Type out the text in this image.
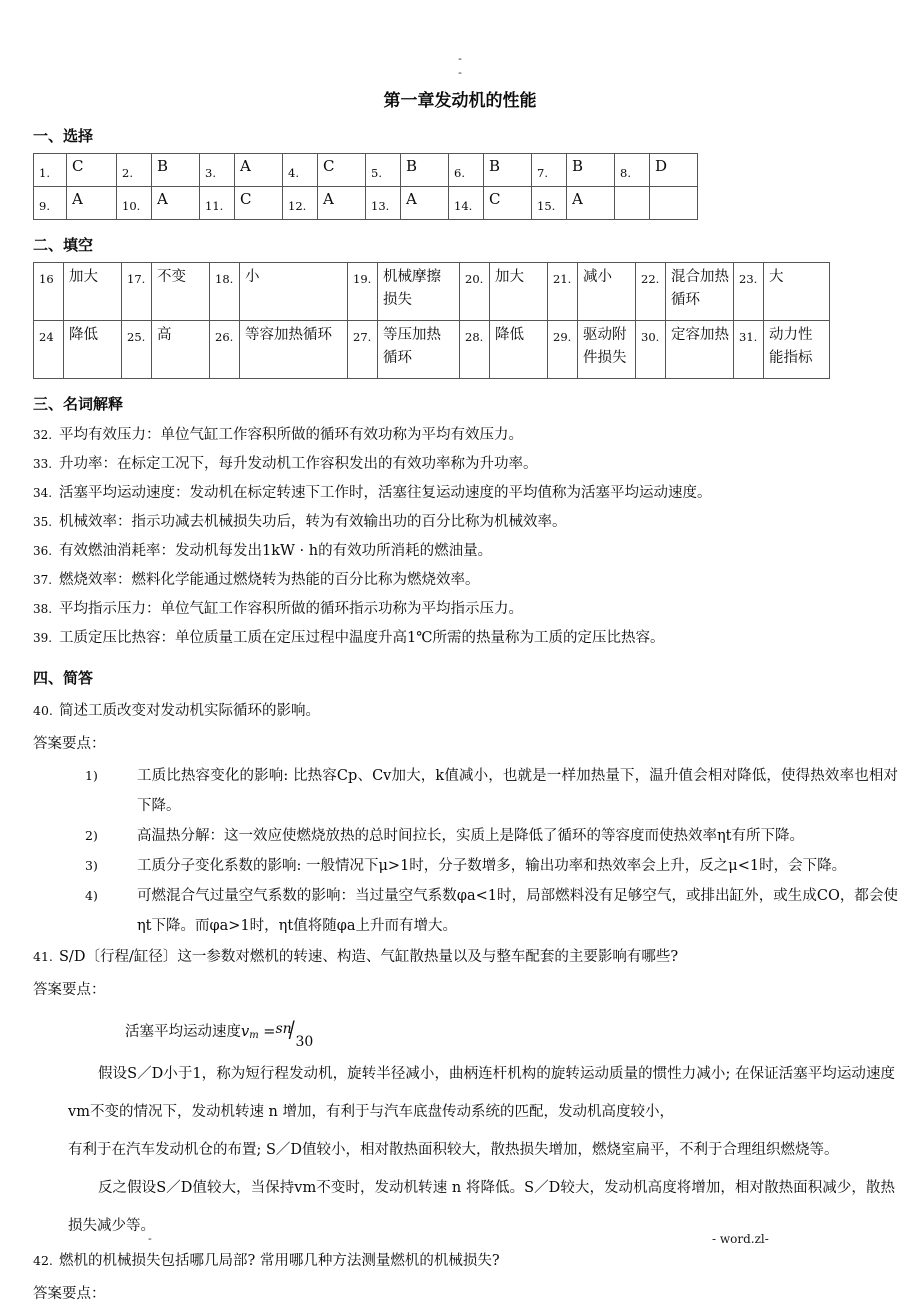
-
-
第一章发动机的性能
一、选择
1.	C	2.	B	3.	A	4.	C	5.	B	6.	B	7.	B	8.	D
9.	A	10.	A	11.	C	12.	A	13.	A	14.	C	15.	A		
二、填空
16	加大	17.	不变	18.	小	19.	机械摩擦损失	20.	加大	21.	减小	22.	混合加热循环	23.	大
24	降低	25.	高	26.	等容加热循环	27.	等压加热循环	28.	降低	29.	驱动附件损失	30.	定容加热	31.	动力性能指标
三、名词解释
32. 平均有效压力：单位气缸工作容积所做的循环有效功称为平均有效压力。
33. 升功率：在标定工况下，每升发动机工作容积发出的有效功率称为升功率。
34. 活塞平均运动速度：发动机在标定转速下工作时，活塞往复运动速度的平均值称为活塞平均运动速度。
35. 机械效率：指示功减去机械损失功后，转为有效输出功的百分比称为机械效率。
36. 有效燃油消耗率：发动机每发出1kW · h的有效功所消耗的燃油量。
37. 燃烧效率：燃料化学能通过燃烧转为热能的百分比称为燃烧效率。
38. 平均指示压力：单位气缸工作容积所做的循环指示功称为平均指示压力。
39. 工质定压比热容：单位质量工质在定压过程中温度升高1℃所需的热量称为工质的定压比热容。
四、简答
40. 简述工质改变对发动机实际循环的影响。
答案要点：
1)	工质比热容变化的影响: 比热容Cp、Cv加大，k值减小，也就是一样加热量下，温升值会相对降低，使得热效率也相对下降。
2)	高温热分解：这一效应使燃烧放热的总时间拉长，实质上是降低了循环的等容度而使热效率ηt有所下降。
3)	工质分子变化系数的影响: 一般情况下μ>1时，分子数增多，输出功率和热效率会上升，反之μ<1时，会下降。
4)	可燃混合气过量空气系数的影响：当过量空气系数φa<1时，局部燃料没有足够空气，或排出缸外，或生成CO，都会使ηt下降。而φa>1时，ηt值将随φa上升而有增大。
41. S/D〔行程/缸径〕这一参数对燃机的转速、构造、气缸散热量以及与整车配套的主要影响有哪些?
答案要点：
活塞平均运动速度vm = sn
/ 30
假设S／D小于1，称为短行程发动机，旋转半径减小，曲柄连杆机构的旋转运动质量的惯性力减小; 在保证活塞平均运动速度vm不变的情况下，发动机转速 n 增加，有利于与汽车底盘传动系统的匹配，发动机高度较小，
有利于在汽车发动机仓的布置; S／D值较小，相对散热面积较大，散热损失增加，燃烧室扁平，不利于合理组织燃烧等。
反之假设S／D值较大，当保持vm不变时，发动机转速 n 将降低。S／D较大，发动机高度将增加，相对散热面积减少，散热损失减少等。
42. 燃机的机械损失包括哪几局部? 常用哪几种方法测量燃机的机械损失?
答案要点：
-	- word.zl-
